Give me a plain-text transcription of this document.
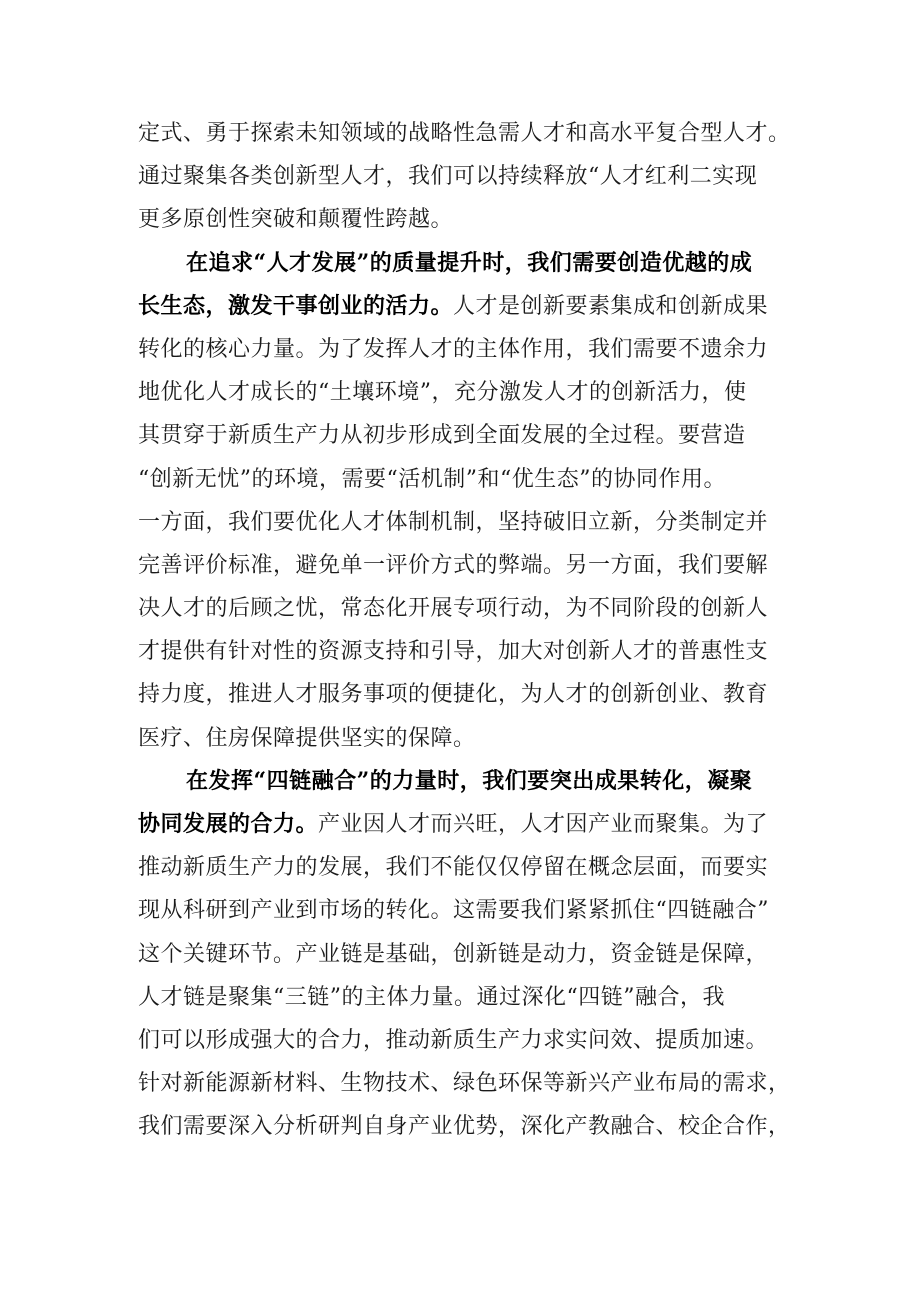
定式、勇于探索未知领域的战略性急需人才和高水平复合型人才。
通过聚集各类创新型人才，我们可以持续释放“人才红利二实现
更多原创性突破和颠覆性跨越。
在追求“人才发展”的质量提升时，我们需要创造优越的成
长生态，激发干事创业的活力。人才是创新要素集成和创新成果
转化的核心力量。为了发挥人才的主体作用，我们需要不遗余力
地优化人才成长的“土壤环境”，充分激发人才的创新活力，使
其贯穿于新质生产力从初步形成到全面发展的全过程。要营造
“创新无忧”的环境，需要“活机制”和“优生态”的协同作用。
一方面，我们要优化人才体制机制，坚持破旧立新，分类制定并
完善评价标准，避免单一评价方式的弊端。另一方面，我们要解
决人才的后顾之忧，常态化开展专项行动，为不同阶段的创新人
才提供有针对性的资源支持和引导，加大对创新人才的普惠性支
持力度，推进人才服务事项的便捷化，为人才的创新创业、教育
医疗、住房保障提供坚实的保障。
在发挥“四链融合”的力量时，我们要突出成果转化，凝聚
协同发展的合力。产业因人才而兴旺，人才因产业而聚集。为了
推动新质生产力的发展，我们不能仅仅停留在概念层面，而要实
现从科研到产业到市场的转化。这需要我们紧紧抓住“四链融合”
这个关键环节。产业链是基础，创新链是动力，资金链是保障，
人才链是聚集“三链”的主体力量。通过深化“四链”融合，我
们可以形成强大的合力，推动新质生产力求实问效、提质加速。
针对新能源新材料、生物技术、绿色环保等新兴产业布局的需求，
我们需要深入分析研判自身产业优势，深化产教融合、校企合作，
